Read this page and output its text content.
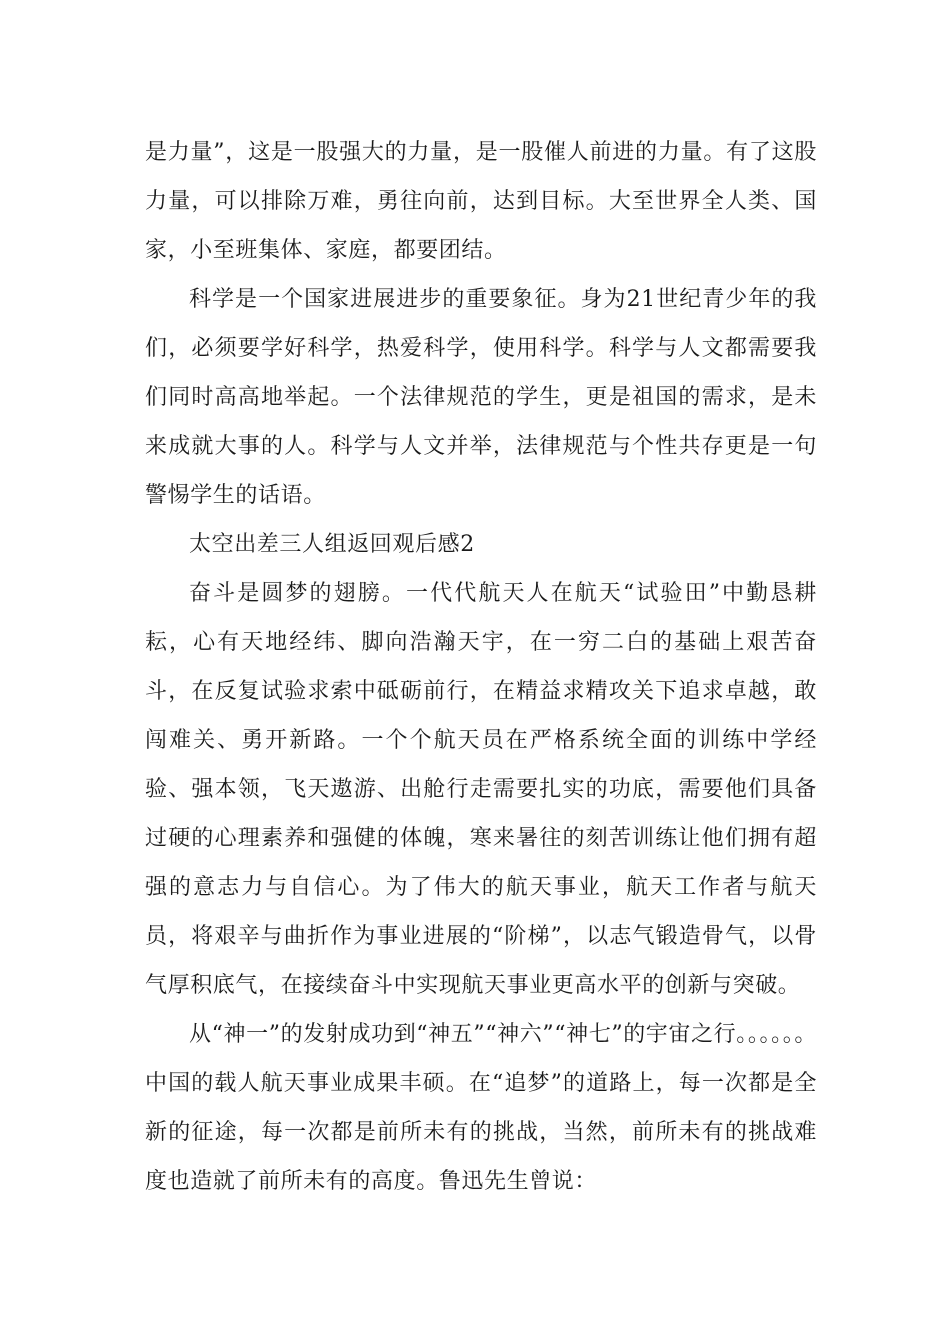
是力量”，这是一股强大的力量，是一股催人前进的力量。有了这股力量，可以排除万难，勇往向前，达到目标。大至世界全人类、国家，小至班集体、家庭，都要团结。

科学是一个国家进展进步的重要象征。身为21世纪青少年的我们，必须要学好科学，热爱科学，使用科学。科学与人文都需要我们同时高高地举起。一个法律规范的学生，更是祖国的需求，是未来成就大事的人。科学与人文并举，法律规范与个性共存更是一句警惕学生的话语。

太空出差三人组返回观后感2

奋斗是圆梦的翅膀。一代代航天人在航天“试验田”中勤恳耕耘，心有天地经纬、脚向浩瀚天宇，在一穷二白的基础上艰苦奋斗，在反复试验求索中砥砺前行，在精益求精攻关下追求卓越，敢闯难关、勇开新路。一个个航天员在严格系统全面的训练中学经验、强本领，飞天遨游、出舱行走需要扎实的功底，需要他们具备过硬的心理素养和强健的体魄，寒来暑往的刻苦训练让他们拥有超强的意志力与自信心。为了伟大的航天事业，航天工作者与航天员，将艰辛与曲折作为事业进展的“阶梯”，以志气锻造骨气，以骨气厚积底气，在接续奋斗中实现航天事业更高水平的创新与突破。

从“神一”的发射成功到“神五”“神六”“神七”的宇宙之行。。。。。。中国的载人航天事业成果丰硕。在“追梦”的道路上，每一次都是全新的征途，每一次都是前所未有的挑战，当然，前所未有的挑战难度也造就了前所未有的高度。鲁迅先生曾说：
